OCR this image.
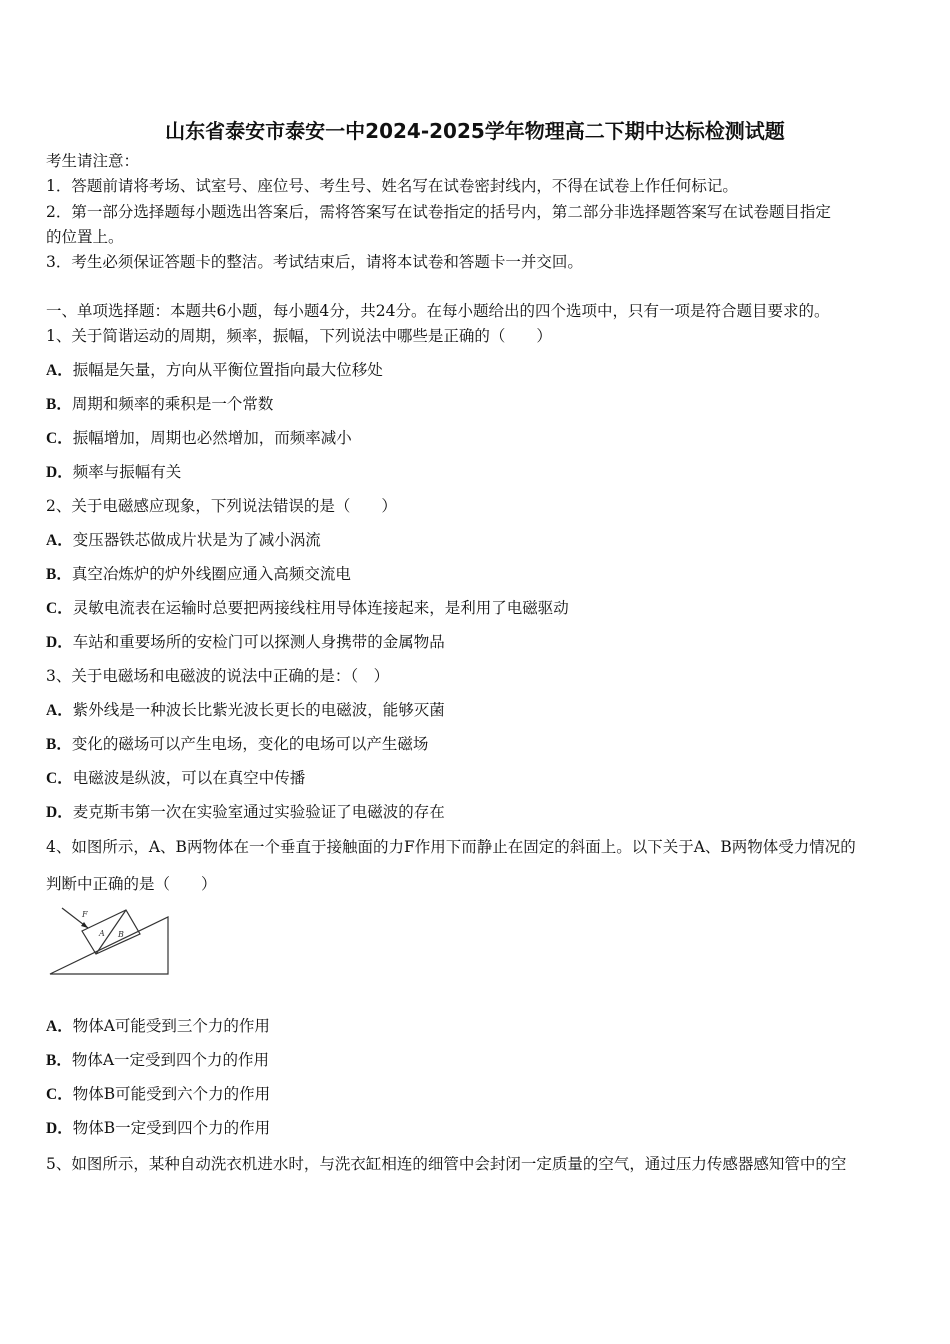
山东省泰安市泰安一中2024-2025学年物理高二下期中达标检测试题
考生请注意：
1．答题前请将考场、试室号、座位号、考生号、姓名写在试卷密封线内，不得在试卷上作任何标记。
2．第一部分选择题每小题选出答案后，需将答案写在试卷指定的括号内，第二部分非选择题答案写在试卷题目指定
的位置上。
3．考生必须保证答题卡的整洁。考试结束后，请将本试卷和答题卡一并交回。
一、单项选择题：本题共6小题，每小题4分，共24分。在每小题给出的四个选项中，只有一项是符合题目要求的。
1、关于简谐运动的周期，频率，振幅，下列说法中哪些是正确的（　　）
A．振幅是矢量，方向从平衡位置指向最大位移处
B．周期和频率的乘积是一个常数
C．振幅增加，周期也必然增加，而频率减小
D．频率与振幅有关
2、关于电磁感应现象，下列说法错误的是（　　）
A．变压器铁芯做成片状是为了减小涡流
B．真空冶炼炉的炉外线圈应通入高频交流电
C．灵敏电流表在运输时总要把两接线柱用导体连接起来，是利用了电磁驱动
D．车站和重要场所的安检门可以探测人身携带的金属物品
3、关于电磁场和电磁波的说法中正确的是：（　）
A．紫外线是一种波长比紫光波长更长的电磁波，能够灭菌
B．变化的磁场可以产生电场，变化的电场可以产生磁场
C．电磁波是纵波，可以在真空中传播
D．麦克斯韦第一次在实验室通过实验验证了电磁波的存在
4、如图所示，A、B两物体在一个垂直于接触面的力F作用下而静止在固定的斜面上。以下关于A、B两物体受力情况的
判断中正确的是（　　）
F
A B
A．物体A可能受到三个力的作用
B．物体A一定受到四个力的作用
C．物体B可能受到六个力的作用
D．物体B一定受到四个力的作用
5、如图所示，某种自动洗衣机进水时，与洗衣缸相连的细管中会封闭一定质量的空气，通过压力传感器感知管中的空
